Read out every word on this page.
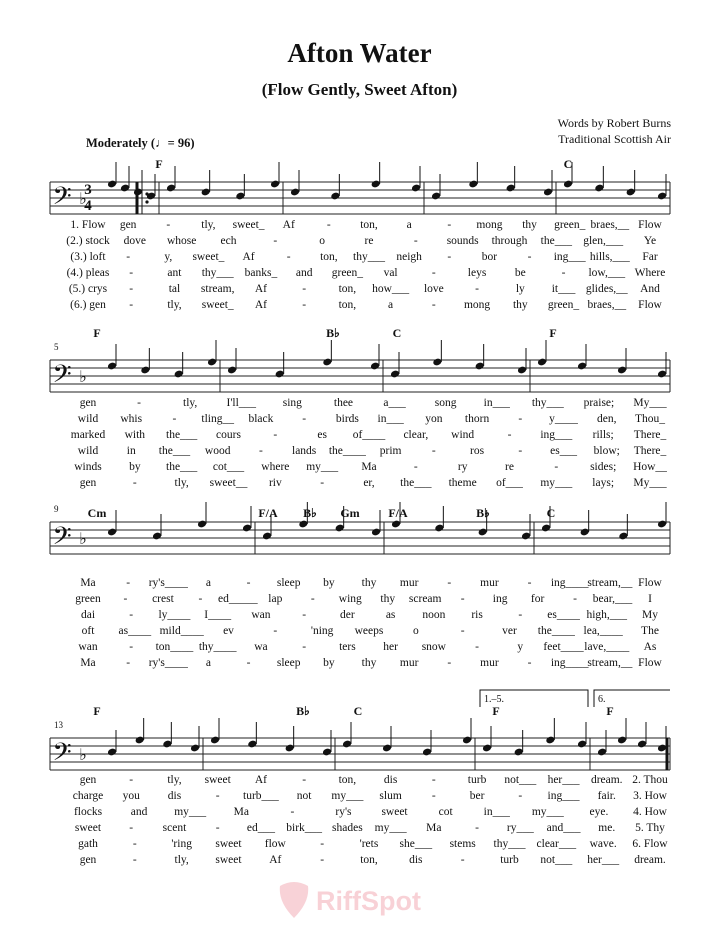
Afton Water
(Flow Gently, Sweet Afton)
Words by Robert Burns
Traditional Scottish Air
Moderately (♩= 96)
𝄢 ♭
F	C
1. Flow gen	-	tly, sweet_ Af	-	ton,	a	- mong thy green_ braes,__ Flow
(2.) stock dove whose ech	-	o	re	-	sounds through the___ glen,___ Ye
(3.) loft -	y, sweet_ Af	-	ton, thy___ neigh -	bor	- ing___ hills,___ Far
(4.) pleas -	ant thy___ banks_ and green_ val	-	leys be	- low,___ Where
(5.) crys -	tal stream, Af	-	ton, how___ love	-	ly it___ glides,__ And
(6.) gen -	tly, sweet_ Af	-	ton,	a	- mong thy green_ braes,__ Flow
𝄢 ♭
5
F	B♭	C	F
gen	-	tly,	I'll___ sing	thee	a___	song in___ thy___ praise; My___
wild whis	- tling__ black	-	birds in___ yon thorn	- y____ den, Thou_
marked with the___ cours	-	es of____ clear, wind	-	ing___ rills; There_
wild in the___ wood -	lands the____ prim	-	ros	- es___ blow; There_
winds by the___ cot___ where my___ Ma	-	ry	re	-	sides; How__
gen	-	tly, sweet__ riv	-	er, the___ theme of___ my___ lays; My___
𝄢 ♭
9 Cm	F/A B♭ Gm F/A	B♭	C
Ma	- ry's____ a	- sleep by thy mur	-	mur	- ing____
stream,__ Flow
green - crest - ed_____ lap - wing thy scream - ing for	- bear,___ I
dai	- ly____ I____ wan	-	der	as noon ris	- es____ high,___ My
oft as____ mild____ ev	-	'ning weeps	o	-	ver the____ lea,____ The
wan	- ton____ thy____ wa	-	ters her snow	-	y feet____ lave,____ As
Ma	- ry's____ a	- sleep by thy mur	-	mur	- ing____
stream,__ Flow
𝄢 ♭
13
F	B♭	C	F	F
gen	-	tly, sweet Af	-	ton, dis	-	turb not___ her___ dream. 2. Thou
charge you dis	- turb___ not my___ slum	-	ber	- ing___ fair. 3. How
flocks and my___ Ma	-	ry's	sweet	cot	in___ my___ eye. 4. How
sweet -	scent	- ed___ birk___ shades my___ Ma	- ry___ and___ me. 5. Thy
gath	-	'ring sweet flow	-	'rets she___ stems thy___ clear___ wave. 6. Flow
gen	-	tly, sweet Af	-	ton,	dis	-	turb not___ her___ dream.
3
4
1.–5.	6.
RiffSpot
